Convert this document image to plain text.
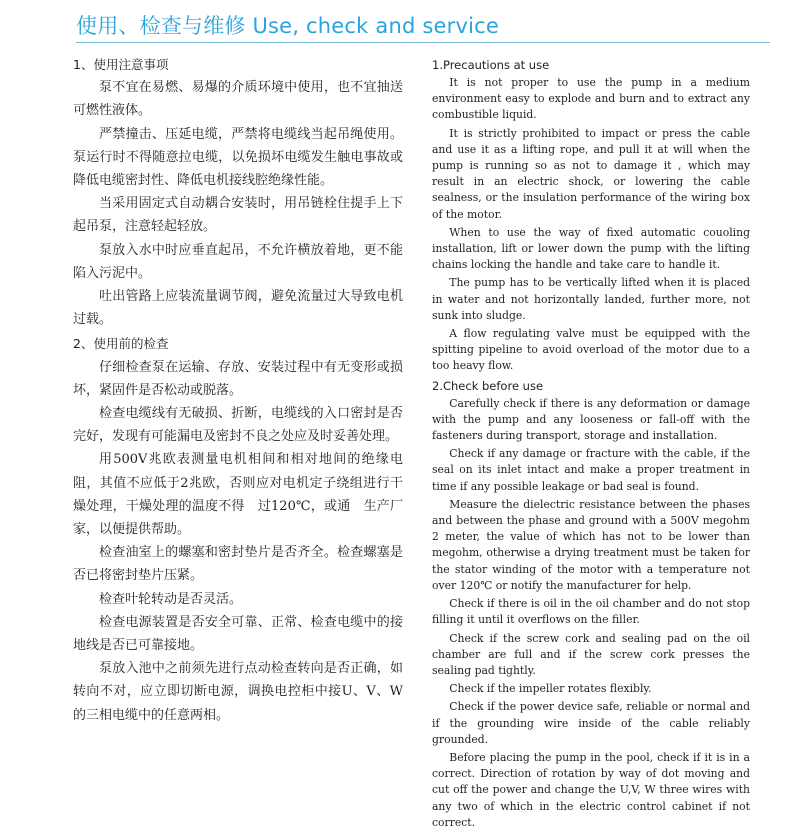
使用、检查与维修 Use, check and service
1、使用注意事项

泵不宜在易燃、易爆的介质环境中使用，也不宜抽送可燃性液体。

严禁撞击、压延电缆，严禁将电缆线当起吊绳使用。泵运行时不得随意拉电缆，以免损坏电缆发生触电事故或降低电缆密封性、降低电机接线腔绝缘性能。

当采用固定式自动耦合安装时，用吊链栓住提手上下起吊泵，注意轻起轻放。

泵放入水中时应垂直起吊，不允许横放着地，更不能陷入污泥中。

吐出管路上应装流量调节阀，避免流量过大导致电机过载。

2、使用前的检查

仔细检查泵在运输、存放、安装过程中有无变形或损坏，紧固件是否松动或脱落。

检查电缆线有无破损、折断，电缆线的入口密封是否完好，发现有可能漏电及密封不良之处应及时妥善处理。

用500V兆欧表测量电机相间和相对地间的绝缘电阻，其值不应低于2兆欧，否则应对电机定子绕组进行干燥处理，干燥处理的温度不得　过120℃，或通　生产厂家，以便提供帮助。

检查油室上的螺塞和密封垫片是否齐全。检查螺塞是否已将密封垫片压紧。

检查叶轮转动是否灵活。

检查电源装置是否安全可靠、正常、检查电缆中的接地线是否已可靠接地。

泵放入池中之前须先进行点动检查转向是否正确，如转向不对，应立即切断电源，调换电控柜中接U、V、W的三相电缆中的任意两相。

1.Precautions at use

It is not proper to use the pump in a medium environment easy to explode and burn and to extract any combustible liquid.

It is strictly prohibited to impact or press the cable and use it as a lifting rope, and pull it at will when the pump is running so as not to damage it , which may result in an electric shock, or lowering the cable sealness, or the insulation performance of the wiring box of the motor.

When to use the way of fixed automatic couoling installation, lift or lower down the pump with the lifting chains locking the handle and take care to handle it.

The pump has to be vertically lifted when it is placed in water and not horizontally landed, further more, not sunk into sludge.

A flow regulating valve must be equipped with the spitting pipeline to avoid overload of the motor due to a too heavy flow.

2.Check before use

Carefully check if there is any deformation or damage with the pump and any looseness or fall-off with the fasteners during transport, storage and installation.

Check if any damage or fracture with the cable, if the seal on its inlet intact and make a proper treatment in time if any possible leakage or bad seal is found.

Measure the dielectric resistance between the phases and between the phase and ground with a 500V megohm 2 meter, the value of which has not to be lower than megohm, otherwise a drying treatment must be taken for the stator winding of the motor with a temperature not over 120℃ or notify the manufacturer for help.

Check if there is oil in the oil chamber and do not stop filling it until it overflows on the filler.

Check if the screw cork and sealing pad on the oil chamber are full and if the screw cork presses the sealing pad tightly.

Check if the impeller rotates flexibly.

Check if the power device safe, reliable or normal and if the grounding wire inside of the cable reliably grounded.

Before placing the pump in the pool, check if it is in a correct. Direction of rotation by way of dot moving and cut off the power and change the U,V, W three wires with any two of which in the electric control cabinet if not correct.
